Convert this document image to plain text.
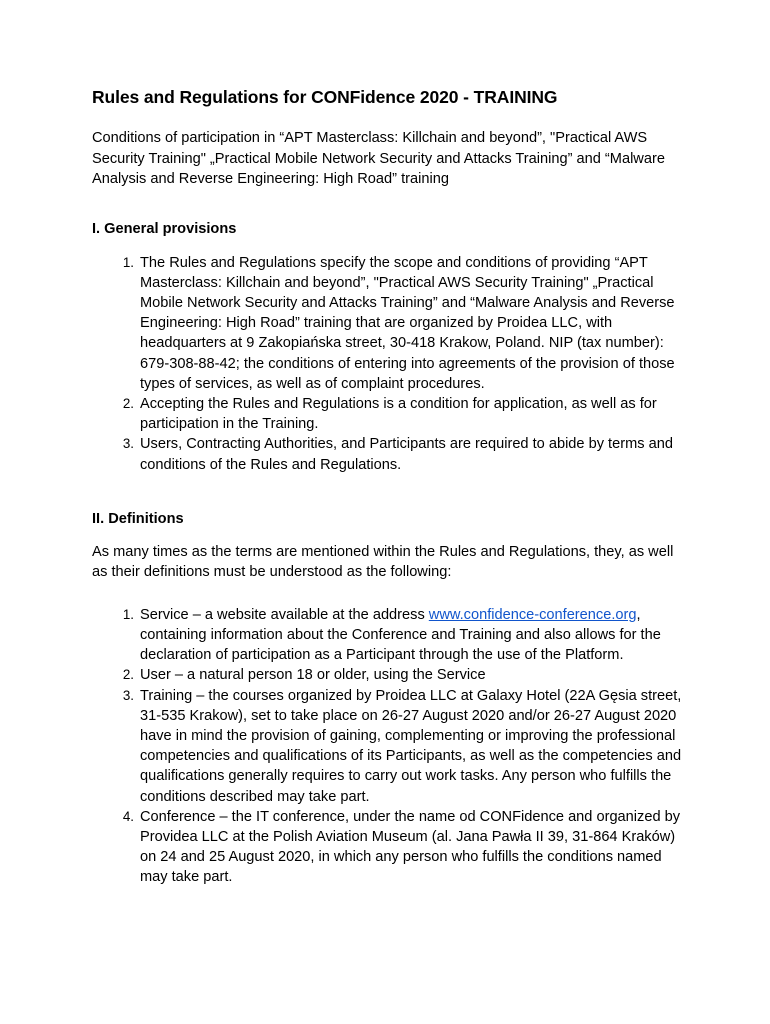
Rules and Regulations for CONFidence 2020 - TRAINING

Conditions of participation in “APT Masterclass: Killchain and beyond”, "Practical AWS Security Training" „Practical Mobile Network Security and Attacks Training” and “Malware Analysis and Reverse Engineering: High Road” training

I. General provisions
The Rules and Regulations specify the scope and conditions of providing “APT Masterclass: Killchain and beyond”, "Practical AWS Security Training" „Practical Mobile Network Security and Attacks Training” and “Malware Analysis and Reverse Engineering: High Road” training that are organized by Proidea LLC, with headquarters at 9 Zakopiańska street, 30-418 Krakow, Poland. NIP (tax number): 679-308-88-42; the conditions of entering into agreements of the provision of those types of services, as well as of complaint procedures.
Accepting the Rules and Regulations is a condition for application, as well as for participation in the Training.
Users, Contracting Authorities, and Participants are required to abide by terms and conditions of the Rules and Regulations.
II. Definitions

As many times as the terms are mentioned within the Rules and Regulations, they, as well as their definitions must be understood as the following:

Service – a website available at the address www.confidence-conference.org, containing information about the Conference and Training and also allows for the declaration of participation as a Participant through the use of the Platform.
User – a natural person 18 or older, using the Service
Training – the courses organized by Proidea LLC at Galaxy Hotel (22A Gęsia street, 31-535 Krakow), set to take place on 26-27 August 2020 and/or 26-27 August 2020 have in mind the provision of gaining, complementing or improving the professional competencies and qualifications of its Participants, as well as the competencies and qualifications generally requires to carry out work tasks. Any person who fulfills the conditions described may take part.
Conference – the IT conference, under the name od CONFidence and organized by Providea LLC at the Polish Aviation Museum (al. Jana Pawła II 39, 31-864 Kraków) on 24 and 25 August 2020, in which any person who fulfills the conditions named may take part.
